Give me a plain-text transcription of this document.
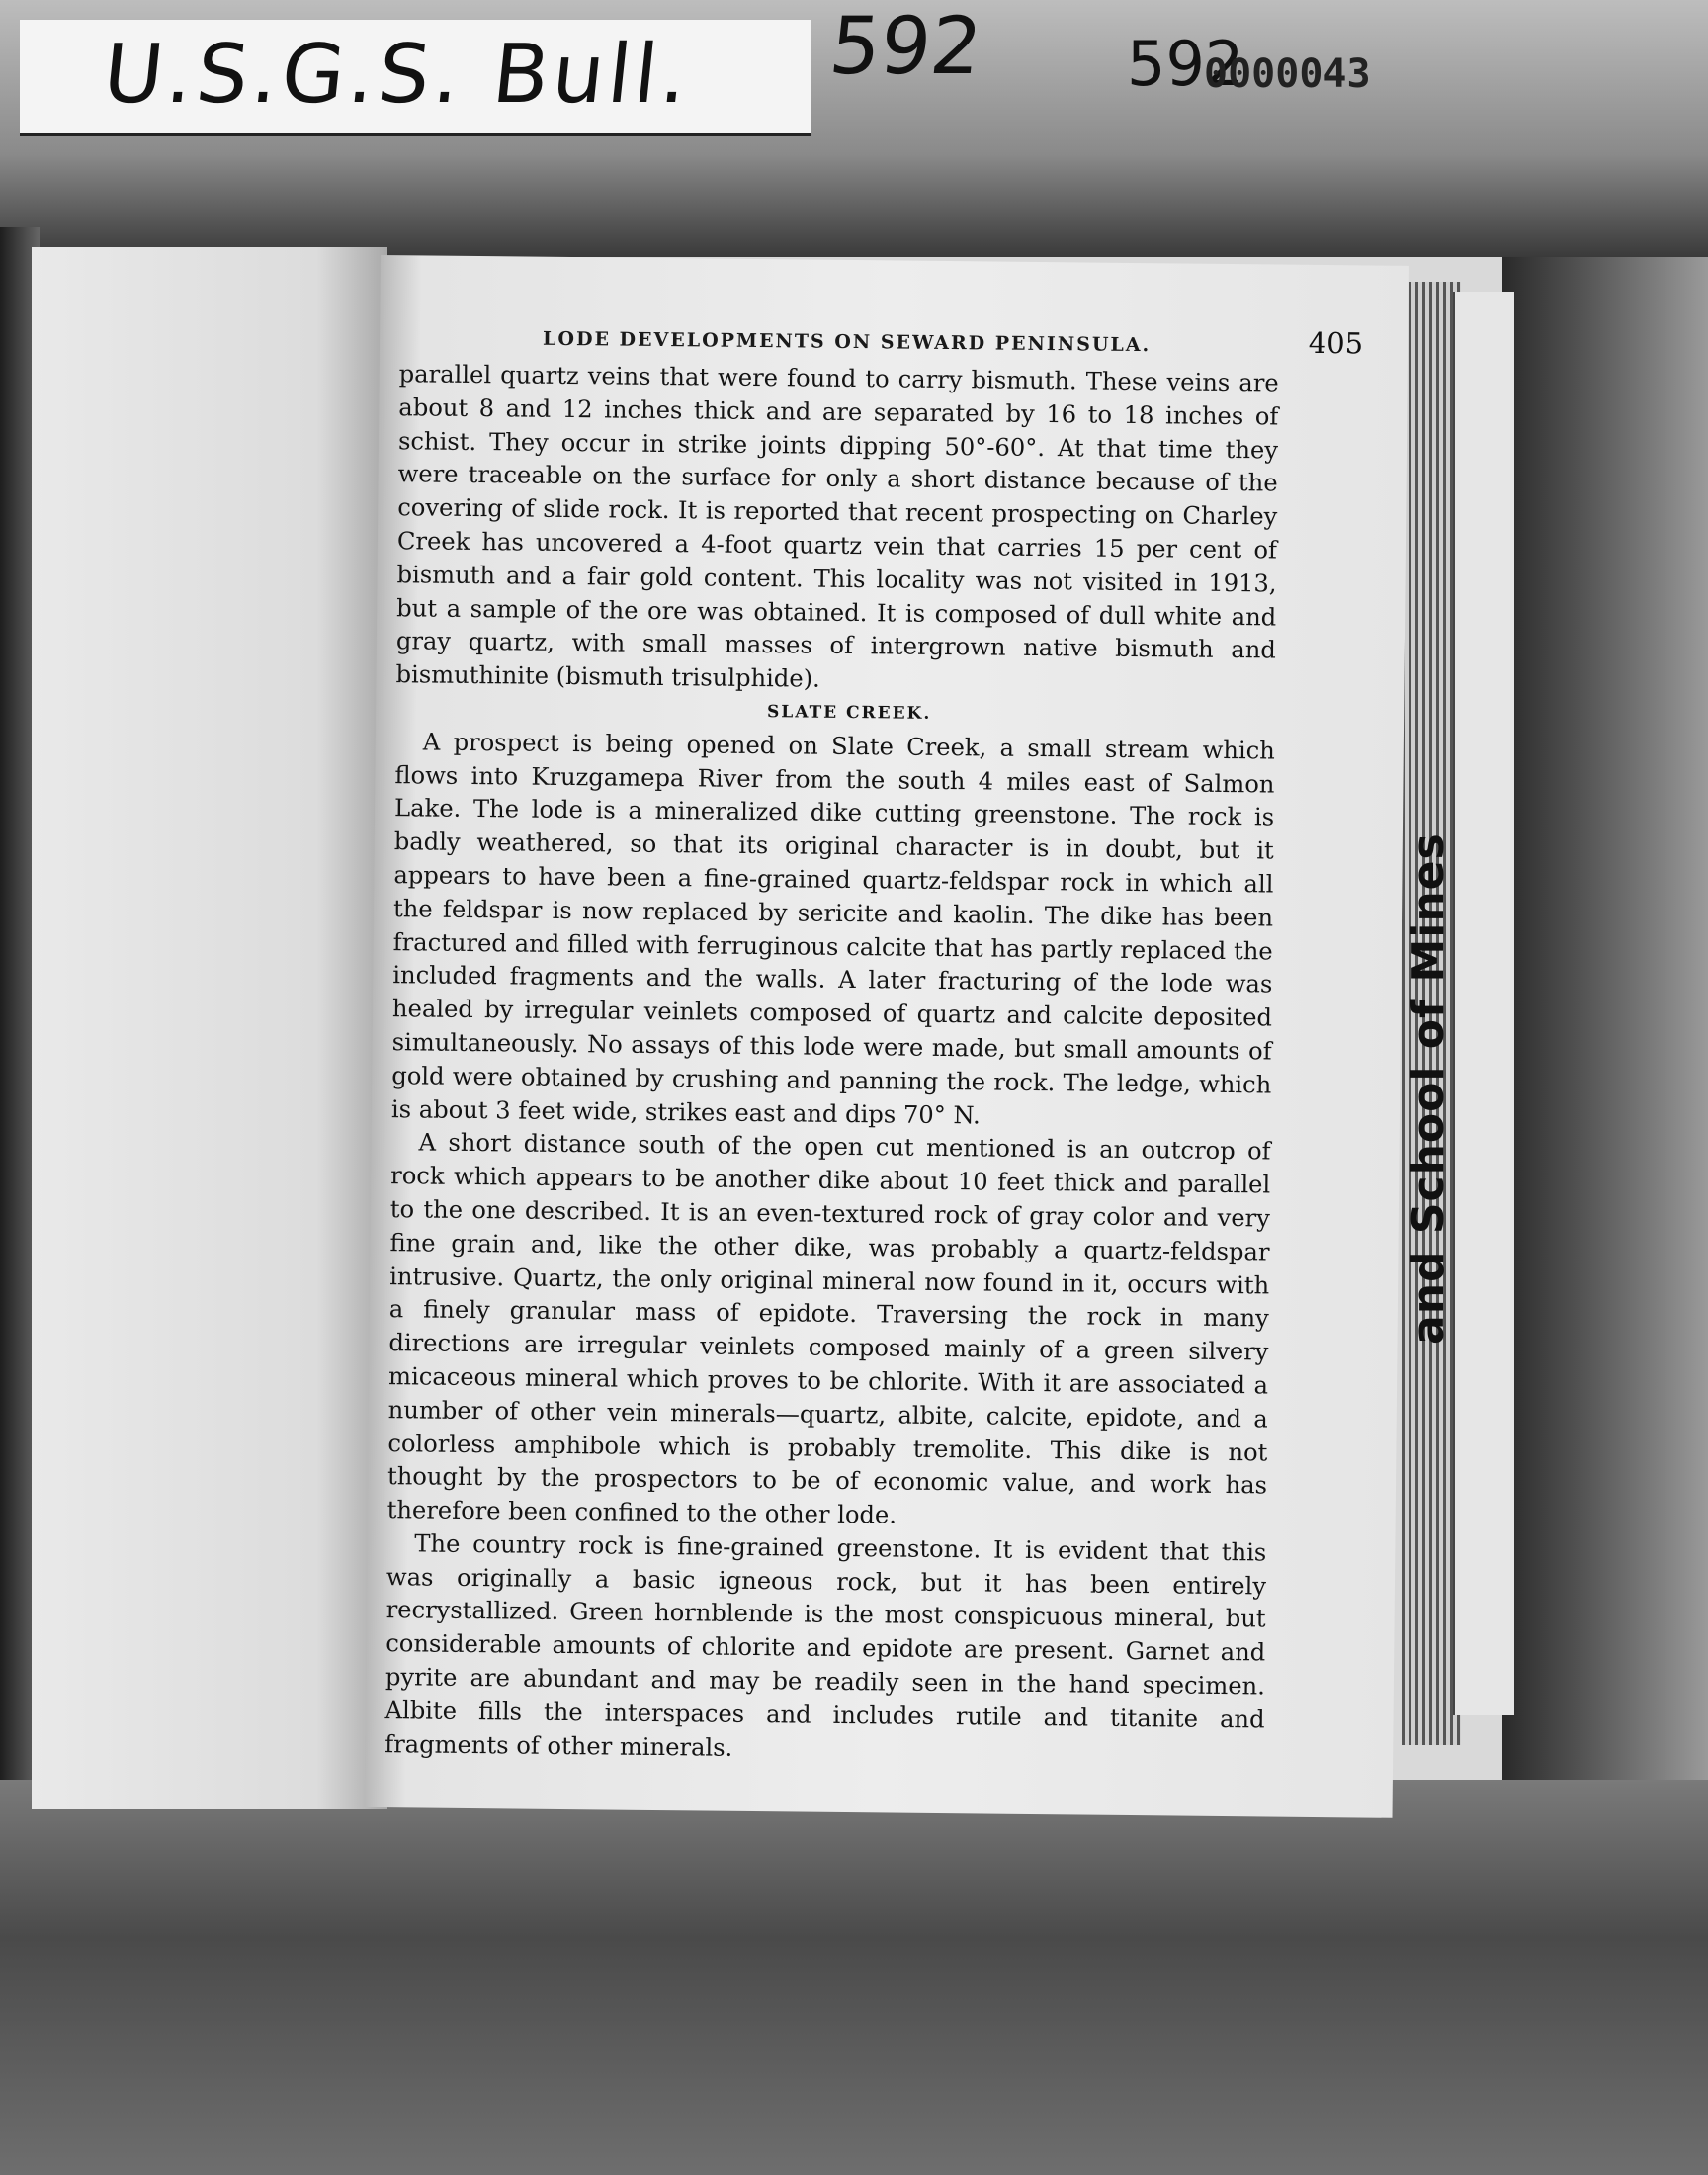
U.S.G.S. Bull. 592 592
0000043
and School of Mines
LODE DEVELOPMENTS ON SEWARD PENINSULA.	405

parallel quartz veins that were found to carry bismuth. These veins are about 8 and 12 inches thick and are separated by 16 to 18 inches of schist. They occur in strike joints dipping 50°-60°. At that time they were traceable on the surface for only a short distance because of the covering of slide rock. It is reported that recent prospecting on Charley Creek has uncovered a 4-foot quartz vein that carries 15 per cent of bismuth and a fair gold content. This locality was not visited in 1913, but a sample of the ore was obtained. It is composed of dull white and gray quartz, with small masses of intergrown native bismuth and bismuthinite (bismuth trisulphide).

SLATE CREEK.

A prospect is being opened on Slate Creek, a small stream which flows into Kruzgamepa River from the south 4 miles east of Salmon Lake. The lode is a mineralized dike cutting greenstone. The rock is badly weathered, so that its original character is in doubt, but it appears to have been a fine-grained quartz-feldspar rock in which all the feldspar is now replaced by sericite and kaolin. The dike has been fractured and filled with ferruginous calcite that has partly replaced the included fragments and the walls. A later fracturing of the lode was healed by irregular veinlets composed of quartz and calcite deposited simultaneously. No assays of this lode were made, but small amounts of gold were obtained by crushing and panning the rock. The ledge, which is about 3 feet wide, strikes east and dips 70° N.

A short distance south of the open cut mentioned is an outcrop of rock which appears to be another dike about 10 feet thick and parallel to the one described. It is an even-textured rock of gray color and very fine grain and, like the other dike, was probably a quartz-feldspar intrusive. Quartz, the only original mineral now found in it, occurs with a finely granular mass of epidote. Traversing the rock in many directions are irregular veinlets composed mainly of a green silvery micaceous mineral which proves to be chlorite. With it are associated a number of other vein minerals—quartz, albite, calcite, epidote, and a colorless amphibole which is probably tremolite. This dike is not thought by the prospectors to be of economic value, and work has therefore been confined to the other lode.

The country rock is fine-grained greenstone. It is evident that this was originally a basic igneous rock, but it has been entirely recrystallized. Green hornblende is the most conspicuous mineral, but considerable amounts of chlorite and epidote are present. Garnet and pyrite are abundant and may be readily seen in the hand specimen. Albite fills the interspaces and includes rutile and titanite and fragments of other minerals.
